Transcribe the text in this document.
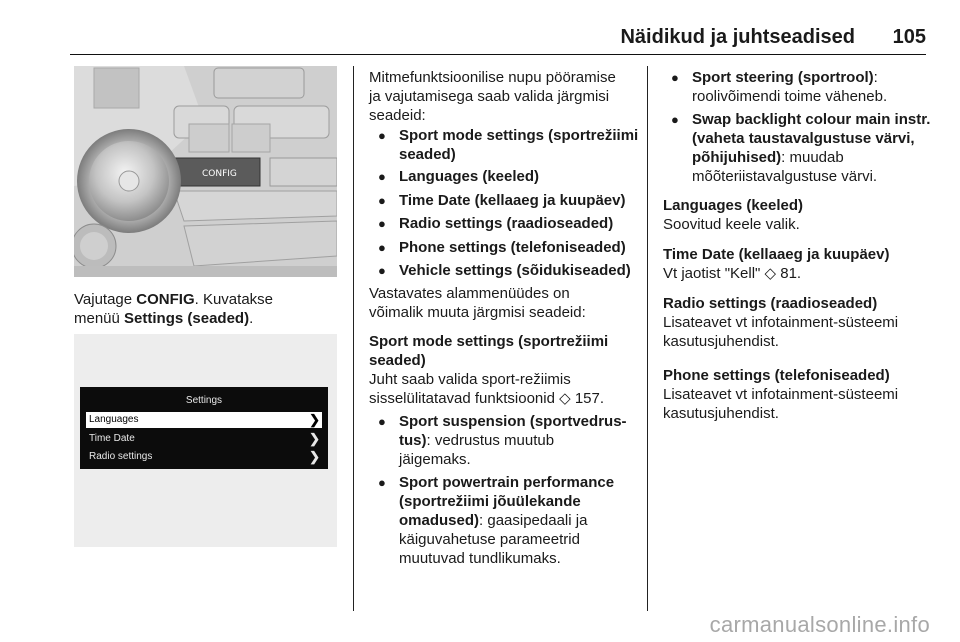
Näidikud ja juhtseadised 105
CONFIG
Vajutage CONFIG. Kuvatakse
menüü Settings (seaded).
Settings
Languages	❯
Time Date	❯
Radio settings	❯
Mitmefunktsioonilise nupu pööramise
ja vajutamisega saab valida järgmisi
seadeid:
● Sport mode settings (sportrežiimi
seaded)
● Languages (keeled)
● Time Date (kellaaeg ja kuupäev)
● Radio settings (raadioseaded)
● Phone settings (telefoniseaded)
● Vehicle settings (sõidukiseaded)
Vastavates alammenüüdes on
võimalik muuta järgmisi seadeid:
Sport mode settings (sportrežiimi
seaded)
Juht saab valida sport-režiimis
sisselülitatavad funktsioonid ◇ 157.
● Sport suspension (sportvedrus-
tus): vedrustus muutub
jäigemaks.
● Sport powertrain performance
(sportrežiimi jõuülekande
omadused): gaasipedaali ja
käiguvahetuse parameetrid
muutuvad tundlikumaks.
● Sport steering (sportrool):
roolivõimendi toime väheneb.
● Swap backlight colour main instr.
(vaheta taustavalgustuse värvi,
põhijuhised): muudab
mõõteriistavalgustuse värvi.
Languages (keeled)
Soovitud keele valik.
Time Date (kellaaeg ja kuupäev)
Vt jaotist "Kell" ◇ 81.
Radio settings (raadioseaded)
Lisateavet vt infotainment-süsteemi
kasutusjuhendist.
Phone settings (telefoniseaded)
Lisateavet vt infotainment-süsteemi
kasutusjuhendist.
carmanualsonline.info
